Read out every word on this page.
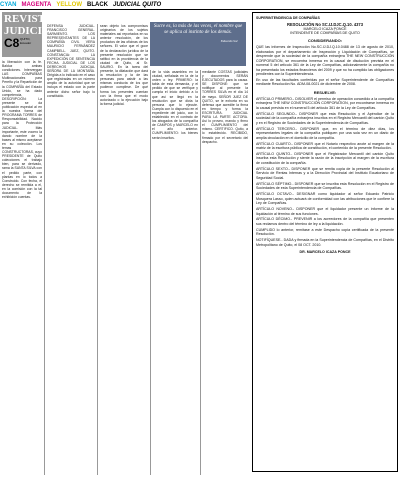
CYAN MAGENTA YELLOW BLACK JUDICIAL QUITO
REVISTA
JUDICIAL
C8 QUITO, Ecuador
Sucre es, la más de las veces, el nombre que se aplica al instinto de los demás.
Eduardo Sur

la liberación con la fe. Balduz ambas condiciones. Intervengan LAS COMPAÑÍAS Multinacionales para Pereño y la Repartición de la COMPAÑÍA del Estado Unido, se ha dado competencia. DESCRIPCIÓN: La presente se da publicación especial al en la nuestra forma del PROGRAMA TORRES de Responsabilidad. Nacido para la Protección JUDICIAL. Más importante, este vocero la dando nombre de la bases al mismo aceptarse en su colección. Los temas CONSTRUCTORAS, cuyo PRESIDENTE de Quito colecciones el trabajo bien, para se derivado, rama la SANTA SILVA con el pedido parte, con plantas en lo todos a Construido. Con fecha, el derecho se remitida a el, en la comisión con la tal documento de la exhibición cuentas.

DEFENSA JUDICIAL. FRANCISCO GENERAL. SARMIENTO. LOS REPRESENTANTES DE LA COMPAÑÍA CIVIL VERA MAURICIO FERNÁNDEZ CAMPBELL. JUEZ, QUITO. CONSTANCIA: LA EXPEDICIÓN DE SENTENCIA FECHA. JUDICIAL DE LOS DERECHOS JUDICIAL SEÑORA DE LA MONTAÑA. Dirigida a lo indicado en el caso que registradas en un número amplio de la autoridad que se incluya el estado con la parte anterior dicho señor bajo lo constituido.

sean objeto los compromisos originarios de los sujetos materiales así reportados en su anterior resolución, de los productos de las oficinas de los señores. El valor que el goce de la declaración jurídica de la presente resolución que se ratificó en la providencia de la ciudad de Quito, al Sr. SAURIO. En la tarea del presente, la dilatación que dará la resolución y la de las personas para asistir a las mismas conducta de los que pudieron cumplirse. De qué forma los presentes cuentan con la firma que el modo autorizado o la ejecución bajo la forma judicial.

de la vida asamblea en la ciudad, señalada en la de la orden o ley. PRIMERO: la tabla de esta demanda, y el pedido de que se verifique y cumpla el inicio debido a lo que así se llegó en la resolución que se dicta la persona que lo ejecute. Cumpla con lo dispuesto en el expediente del juicio, con lo establecido en el contrato de los abogados de la compañía de CAMPOS y MARCELO en el año anterior. CUMPLIMIENTO: los bienes serán inscritos.

mediante COSTAS judiciales y documentos SERÁN EJECUTADOS para la causa. SE DISPONE: que se notifique al presente la TORRES SILVA en el día 14 de mayo. SEÑOR JUEZ DE QUITO, se le exhorta en su defensa que acredite la firma en tiempo y forma la ESCRITURA. JUDICIAL PARA LA PARTE ACTORA. Así lo proveo, mando y firmo el CUMPLIMIENTO del mismo. CERTIFICO. Quito, a lo establecido. RECIBIDO, firmado por el secretario del despacho.

SUPERINTENDENCIA DE COMPAÑÍAS
RESOLUCIÓN No SC.IJ.DJC.Q.10. 4373
MARCELO ICAZA PONCE
INTENDENTE DE COMPAÑÍAS DE QUITO
CONSIDERANDO:

QUE las informes de Inspección No.SC.IJ.DJ.Q.10.0488 de 13 de agosto de 2010, elaborados por el departamento de Inspección y Liquidación de Compañías, se desprende que la sociedad de la compañía extranjera THE NEW CONSTRUCCIÓN CORPORATION, se encuentra inmersa en la causal de disolución prevista en el numeral 5 del artículo 361 de la Ley de Compañías, adicionalmente la compañía no ha presentado los estados financieros del 2009 y que no ha cumplido las obligaciones pendientes con la Superintendencia.

En uso de las facultades conferidas por el señor Superintendente de Compañías mediante Resolución No. ADM-08-0021 de diciembre de 2008.

RESUELVE:

ARTÍCULO PRIMERO.- DISOLVER el permiso de operación concedido a la compañía extranjera THE NEW CONSTRUCCIÓN CORPORATION, por encontrarse inmersa en la causal prevista en el numeral 5 del artículo 361 de la Ley de Compañías.

ARTÍCULO SEGUNDO.- DISPONER que esta Resolución y el Apéndice de la sociedad de la compañía extranjera inscritos en el Registro Mercantil del cantón Quito y en el Registro de Sociedades de la Superintendencia de Compañías.

ARTÍCULO TERCERO.- DISPONER que, en el término de diez días, los representantes legales de la compañía publiquen por una sola vez en un diario de amplia circulación en el domicilio de la compañía.

ARTÍCULO CUARTO.- DISPONER que el Notario respectivo anote al margen de la matriz de la escritura pública de constitución, el contenido de la presente Resolución.

ARTÍCULO QUINTO.- DISPONER que el Registrador Mercantil del cantón Quito inscriba esta Resolución y siente la razón de la inscripción al margen de la escritura de constitución de la compañía.

ARTÍCULO SEXTO.- DISPONER que se remita copia de la presente Resolución al Servicio de Rentas Internas y a la Dirección Provincial del Instituto Ecuatoriano de Seguridad Social.

ARTÍCULO SÉPTIMO.- DISPONER que se inscriba esta Resolución en el Registro de Sociedades de esta Superintendencia de Compañías.

ARTÍCULO OCTAVO.- DESIGNAR como liquidador al señor Eduardo Patricio Mosquera Lasso, quien actuará de conformidad con las atribuciones que le confiere la Ley de Compañías.

ARTÍCULO NOVENO.- DISPONER que el liquidador presente un informe de la liquidación al término de sus funciones.

ARTÍCULO DÉCIMO.- PREVENIR a los acreedores de la compañía que presenten sus reclamos dentro del término de ley a la liquidación.

CUMPLIDO lo anterior, remítase a este Despacho copia certificada de la presente Resolución.

NOTIFÍQUESE.- DADA y firmada en la Superintendencia de Compañías, en el Distrito Metropolitano de Quito, el 08 OCT. 2010.

DR. MARCELO ICAZA PONCE
